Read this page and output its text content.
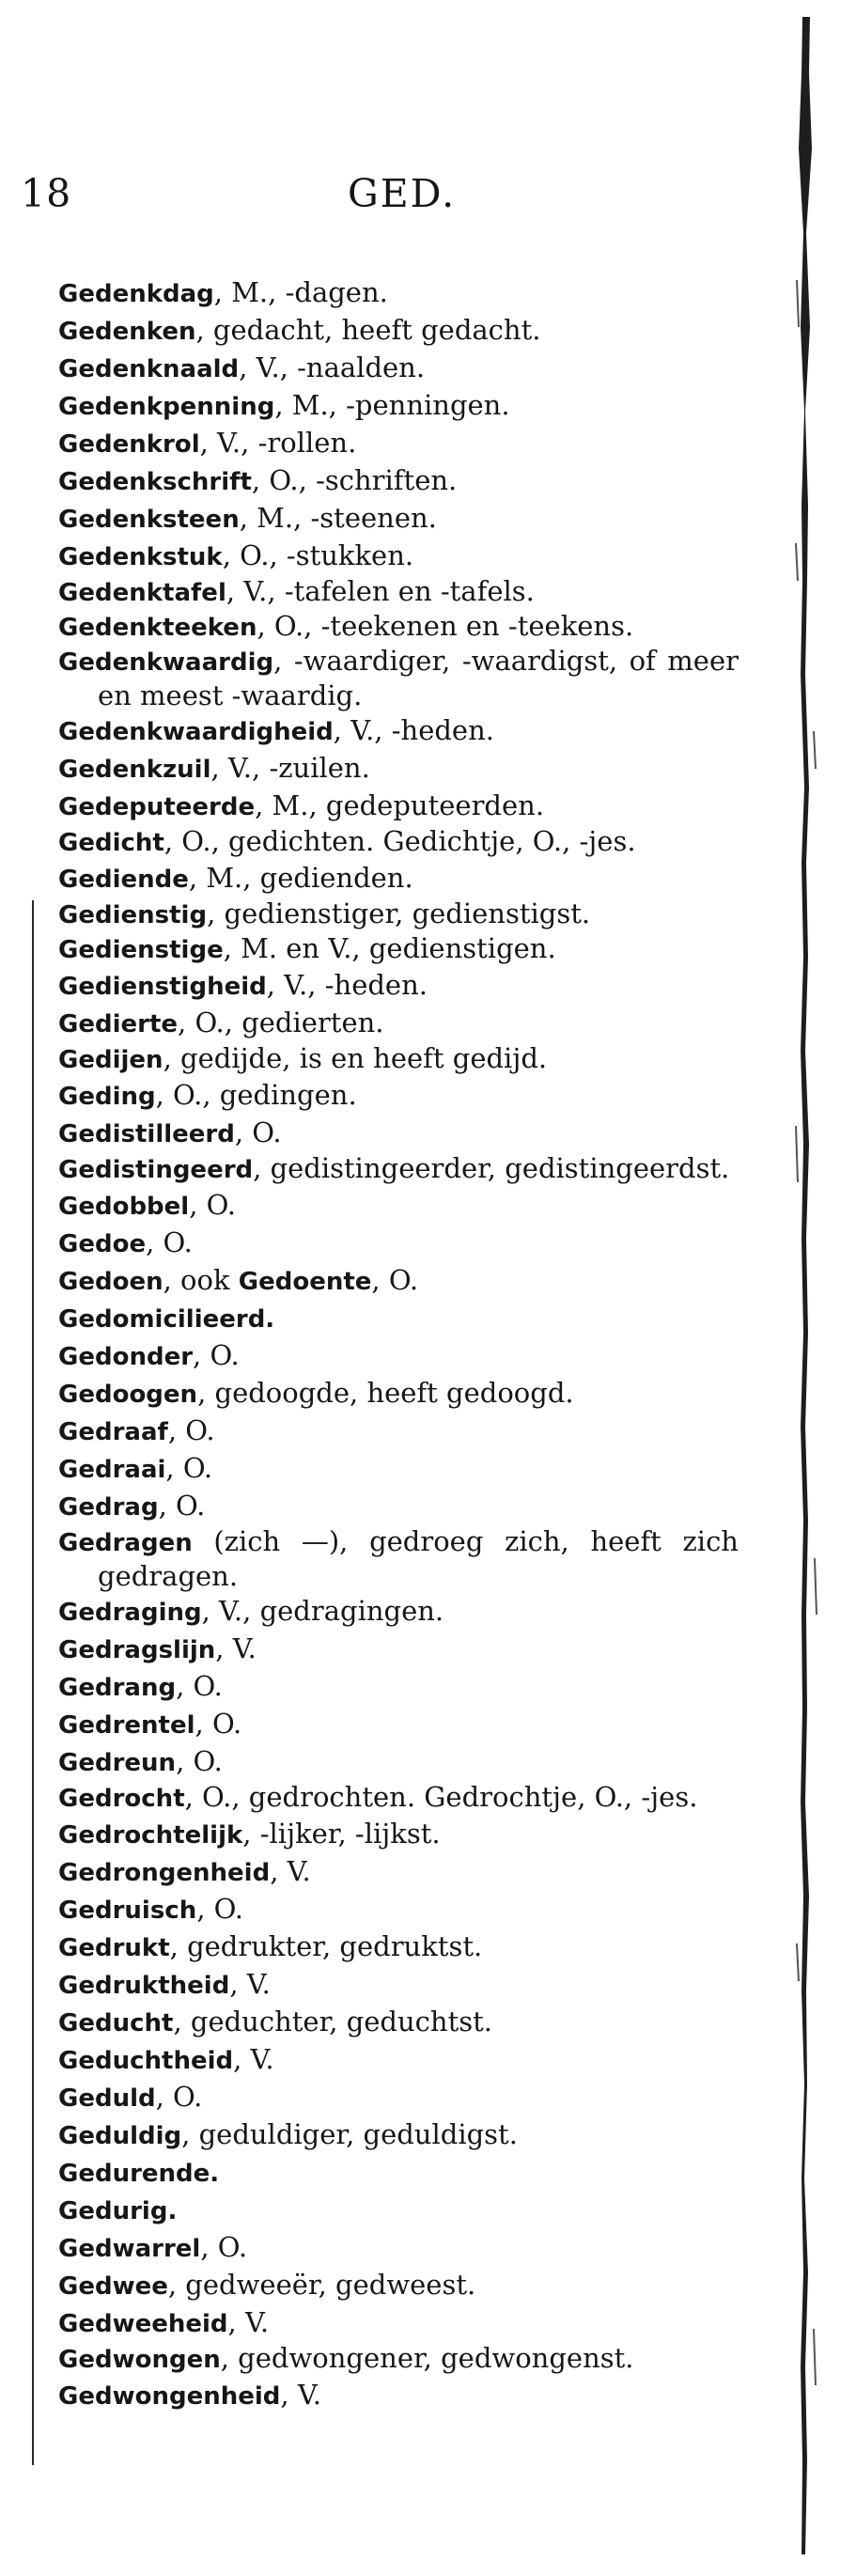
18	GED.
Gedenkdag, M., -dagen.
Gedenken, gedacht, heeft gedacht.
Gedenknaald, V., -naalden.
Gedenkpenning, M., -penningen.
Gedenkrol, V., -rollen.
Gedenkschrift, O., -schriften.
Gedenksteen, M., -steenen.
Gedenkstuk, O., -stukken.
Gedenktafel, V., -tafelen en -tafels.
Gedenkteeken, O., -teekenen en -teekens.
Gedenkwaardig, -waardiger, -waardigst, of meer en meest -waardig.
Gedenkwaardigheid, V., -heden.
Gedenkzuil, V., -zuilen.
Gedeputeerde, M., gedeputeerden.
Gedicht, O., gedichten. Gedichtje, O., -jes.
Gediende, M., gedienden.
Gedienstig, gedienstiger, gedienstigst.
Gedienstige, M. en V., gedienstigen.
Gedienstigheid, V., -heden.
Gedierte, O., gedierten.
Gedijen, gedijde, is en heeft gedijd.
Geding, O., gedingen.
Gedistilleerd, O.
Gedistingeerd, gedistingeerder, gedistingeerdst.
Gedobbel, O.
Gedoe, O.
Gedoen, ook Gedoente, O.
Gedomicilieerd.
Gedonder, O.
Gedoogen, gedoogde, heeft gedoogd.
Gedraaf, O.
Gedraai, O.
Gedrag, O.
Gedragen (zich —), gedroeg zich, heeft zich gedragen.
Gedraging, V., gedragingen.
Gedragslijn, V.
Gedrang, O.
Gedrentel, O.
Gedreun, O.
Gedrocht, O., gedrochten. Gedrochtje, O., -jes.
Gedrochtelijk, -lijker, -lijkst.
Gedrongenheid, V.
Gedruisch, O.
Gedrukt, gedrukter, gedruktst.
Gedruktheid, V.
Geducht, geduchter, geduchtst.
Geduchtheid, V.
Geduld, O.
Geduldig, geduldiger, geduldigst.
Gedurende.
Gedurig.
Gedwarrel, O.
Gedwee, gedweeër, gedweest.
Gedweeheid, V.
Gedwongen, gedwongener, gedwongenst.
Gedwongenheid, V.
